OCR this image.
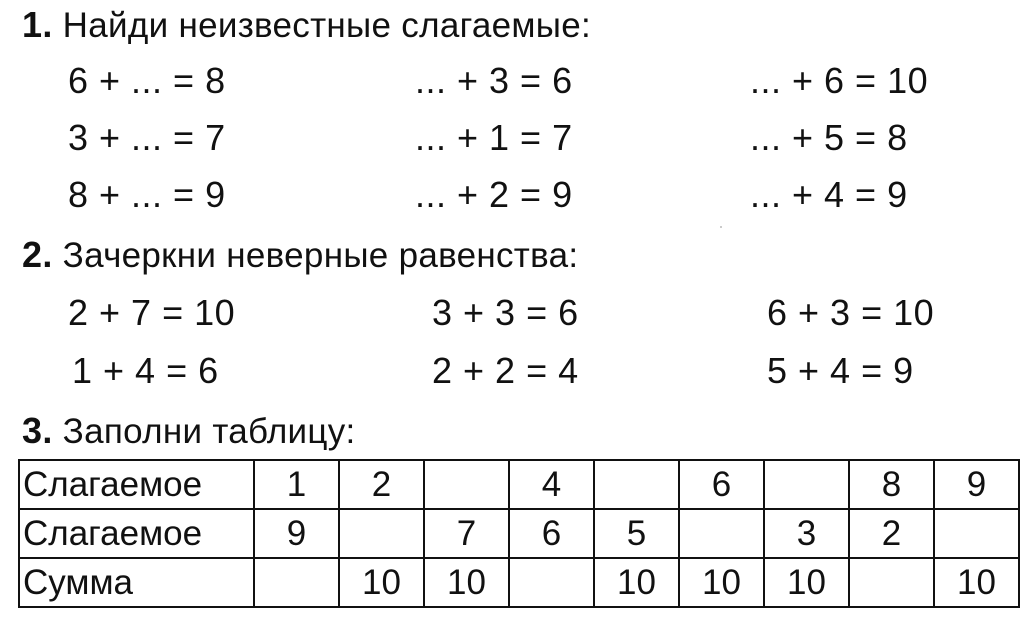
1. Найди неизвестные слагаемые:
6 + ... = 8	... + 3 = 6	... + 6 = 10
3 + ... = 7	... + 1 = 7	... + 5 = 8
8 + ... = 9	... + 2 = 9	... + 4 = 9
2. Зачеркни неверные равенства:
2 + 7 = 10	3 + 3 = 6	6 + 3 = 10
1 + 4 = 6	2 + 2 = 4	5 + 4 = 9
3. Заполни таблицу:
Слагаемое	1	2		4		6		8	9
Слагаемое	9		7	6	5		3	2	
Сумма		10	10		10	10	10		10
